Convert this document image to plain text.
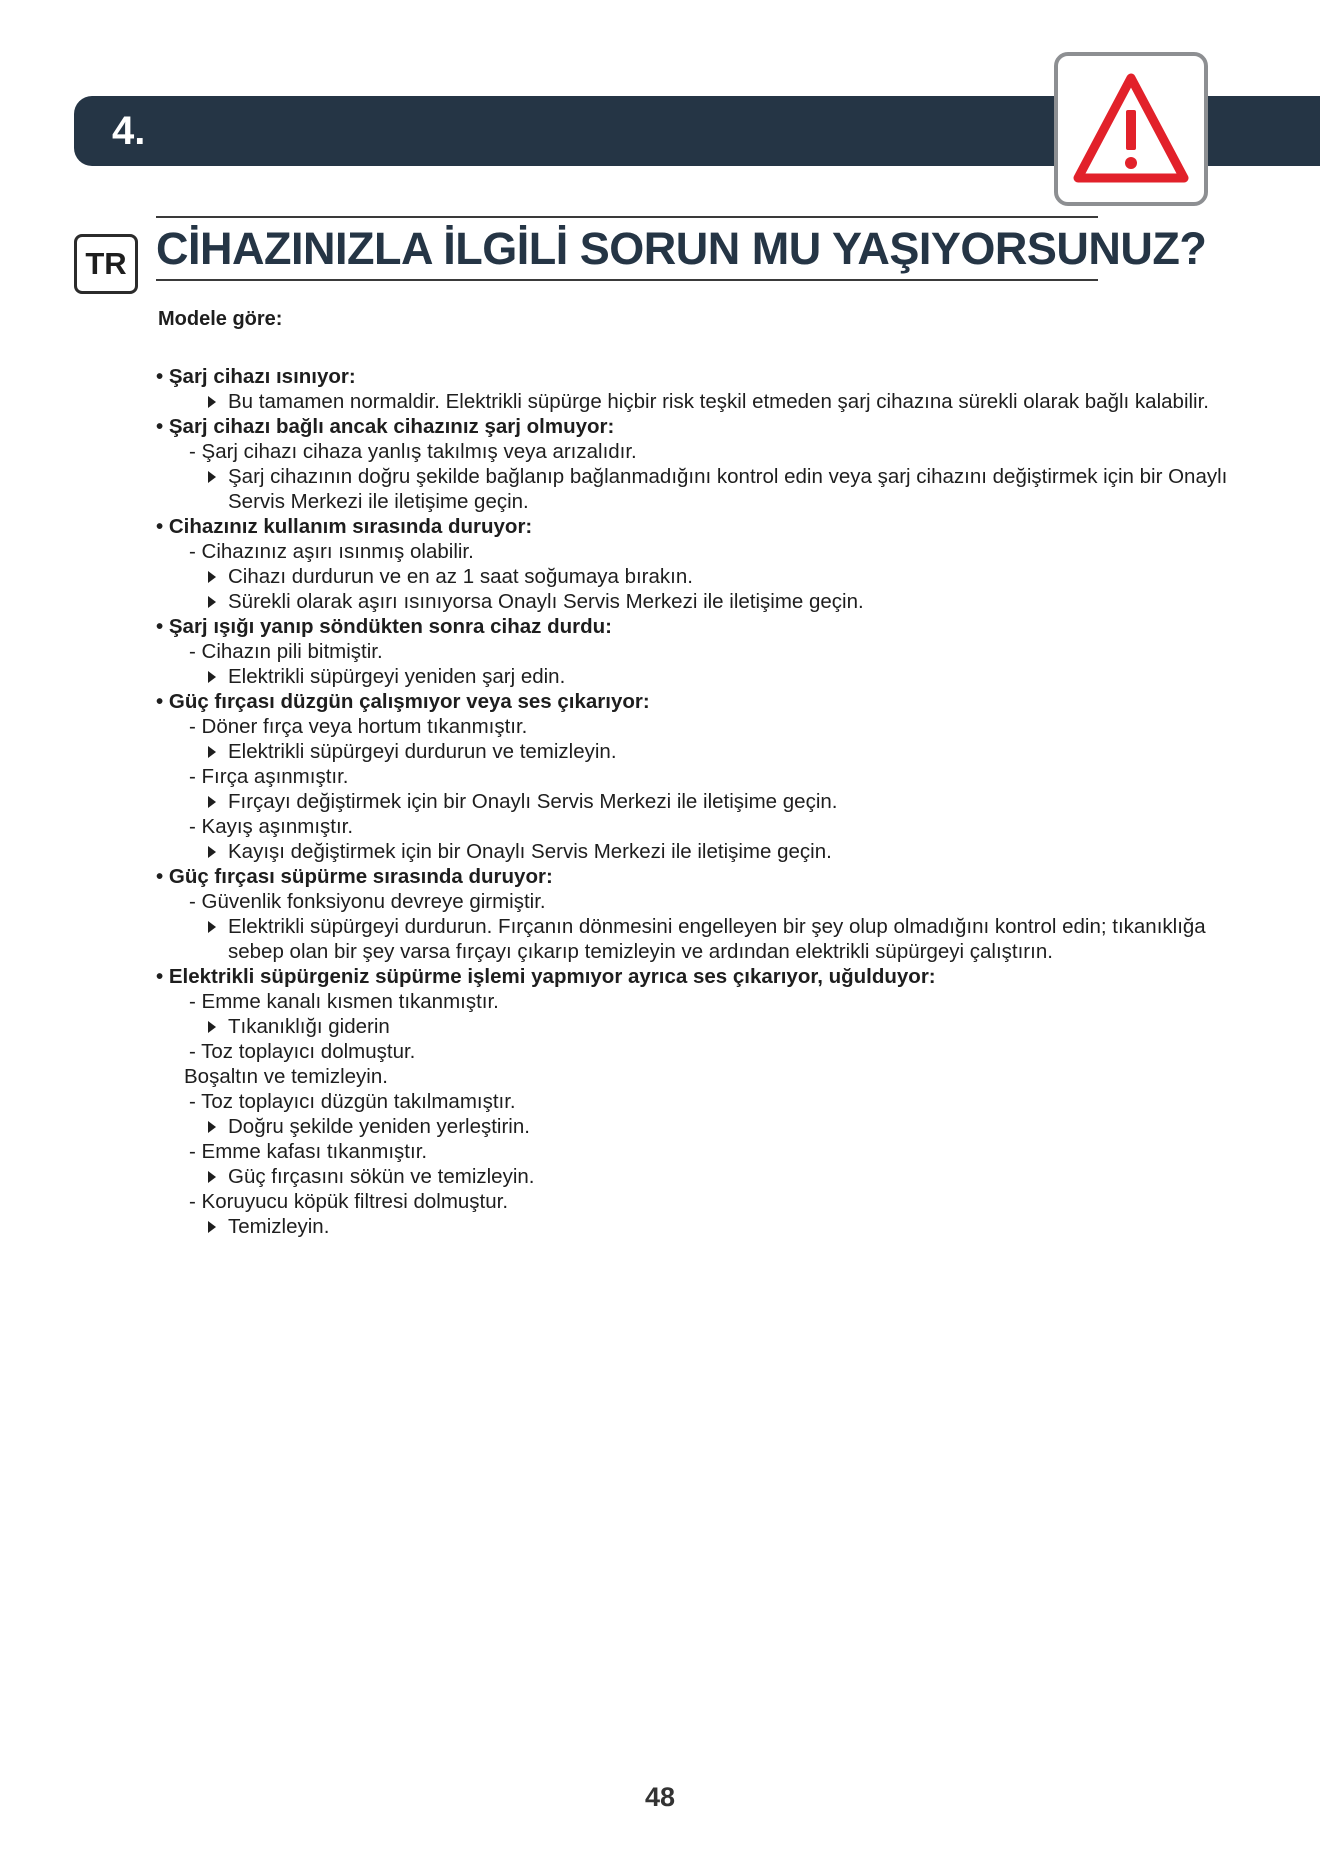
4.
TR CİHAZINIZLA İLGİLİ SORUN MU YAŞIYORSUNUZ?

Modele göre:

• Şarj cihazı ısınıyor:

Bu tamamen normaldir. Elektrikli süpürge hiçbir risk teşkil etmeden şarj cihazına sürekli olarak bağlı kalabilir.

• Şarj cihazı bağlı ancak cihazınız şarj olmuyor:

- Şarj cihazı cihaza yanlış takılmış veya arızalıdır.

Şarj cihazının doğru şekilde bağlanıp bağlanmadığını kontrol edin veya şarj cihazını değiştirmek için bir Onaylı Servis Merkezi ile iletişime geçin.

• Cihazınız kullanım sırasında duruyor:

- Cihazınız aşırı ısınmış olabilir.

Cihazı durdurun ve en az 1 saat soğumaya bırakın.

Sürekli olarak aşırı ısınıyorsa Onaylı Servis Merkezi ile iletişime geçin.

• Şarj ışığı yanıp söndükten sonra cihaz durdu:

- Cihazın pili bitmiştir.

Elektrikli süpürgeyi yeniden şarj edin.

• Güç fırçası düzgün çalışmıyor veya ses çıkarıyor:

- Döner fırça veya hortum tıkanmıştır.

Elektrikli süpürgeyi durdurun ve temizleyin.

- Fırça aşınmıştır.

Fırçayı değiştirmek için bir Onaylı Servis Merkezi ile iletişime geçin.

- Kayış aşınmıştır.

Kayışı değiştirmek için bir Onaylı Servis Merkezi ile iletişime geçin.

• Güç fırçası süpürme sırasında duruyor:

- Güvenlik fonksiyonu devreye girmiştir.

Elektrikli süpürgeyi durdurun. Fırçanın dönmesini engelleyen bir şey olup olmadığını kontrol edin; tıkanıklığa sebep olan bir şey varsa fırçayı çıkarıp temizleyin ve ardından elektrikli süpürgeyi çalıştırın.

• Elektrikli süpürgeniz süpürme işlemi yapmıyor ayrıca ses çıkarıyor, uğulduyor:

- Emme kanalı kısmen tıkanmıştır.

Tıkanıklığı giderin

- Toz toplayıcı dolmuştur.

Boşaltın ve temizleyin.

- Toz toplayıcı düzgün takılmamıştır.

Doğru şekilde yeniden yerleştirin.

- Emme kafası tıkanmıştır.

Güç fırçasını sökün ve temizleyin.

- Koruyucu köpük filtresi dolmuştur.

Temizleyin.

48
